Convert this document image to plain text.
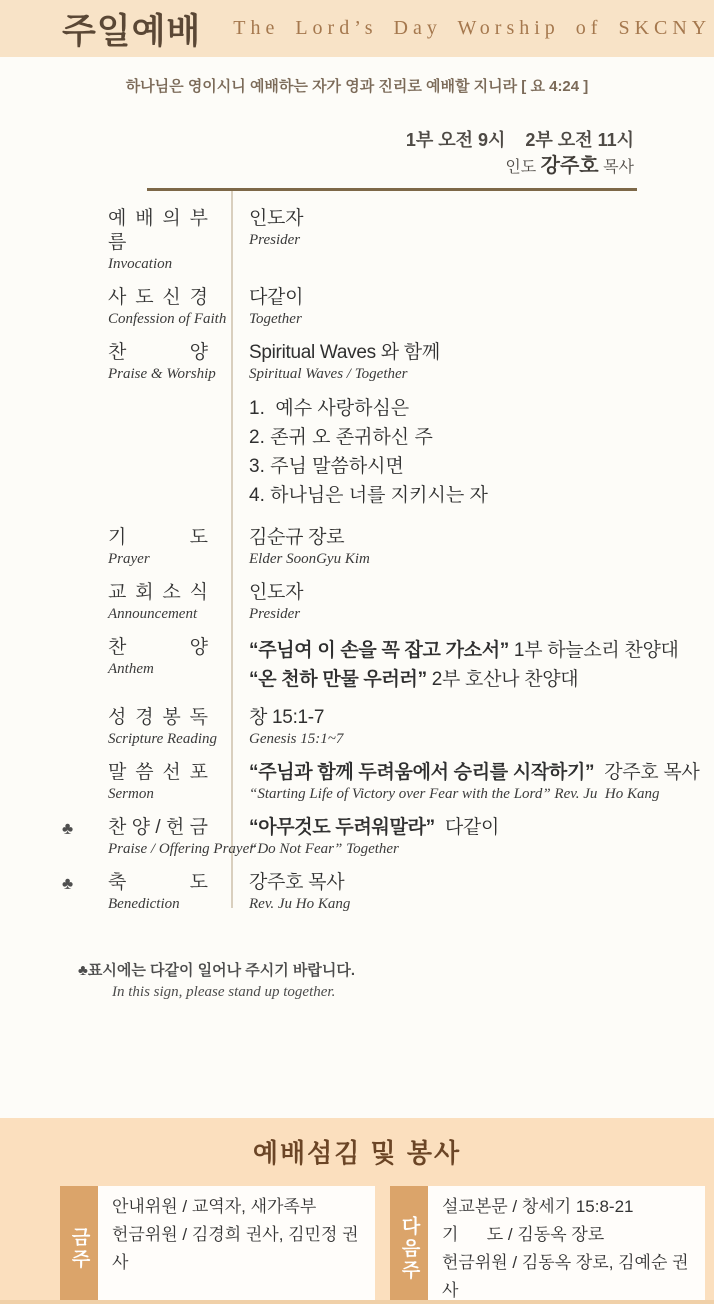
주일예배 The Lord’s Day Worship of SKCNY
하나님은 영이시니 예배하는 자가 영과 진리로 예배할 지니라 [ 요 4:24 ]
1부 오전 9시    2부 오전 11시
인도 강주호 목사
예 배 의 부 름
Invocation
인도자
Presider
사 도 신 경
Confession of Faith
다같이
Together
찬 양
Praise & Worship
Spiritual Waves 와 함께
Spiritual Waves / Together
1.  예수 사랑하심은
2. 존귀 오 존귀하신 주
3. 주님 말씀하시면
4. 하나님은 너를 지키시는 자
기 도
Prayer
김순규 장로
Elder SoonGyu Kim
교 회 소 식
Announcement
인도자
Presider
찬 양
Anthem
“주님여 이 손을 꼭 잡고 가소서” 1부 하늘소리 찬양대
“온 천하 만물 우러러” 2부 호산나 찬양대
성 경 봉 독
Scripture Reading
창 15:1-7
Genesis 15:1~7
말 씀 선 포
Sermon
“주님과 함께 두려움에서 승리를 시작하기”  강주호 목사
“Starting Life of Victory over Fear with the Lord” Rev. Ju  Ho Kang
♣ 찬 양 / 헌 금
Praise / Offering Prayer
“아무것도 두려워말라”  다같이
“Do Not Fear” Together
♣ 축 도
Benediction
강주호 목사
Rev. Ju Ho Kang
♣표시에는 다같이 일어나 주시기 바랍니다.
In this sign, please stand up together.
예배섬김 및 봉사
금주
안내위원 / 교역자, 새가족부
헌금위원 / 김경희 권사, 김민정 권사	다음주
설교본문 / 창세기 15:8-21
기      도 / 김동옥 장로
헌금위원 / 김동옥 장로, 김예순 권사
